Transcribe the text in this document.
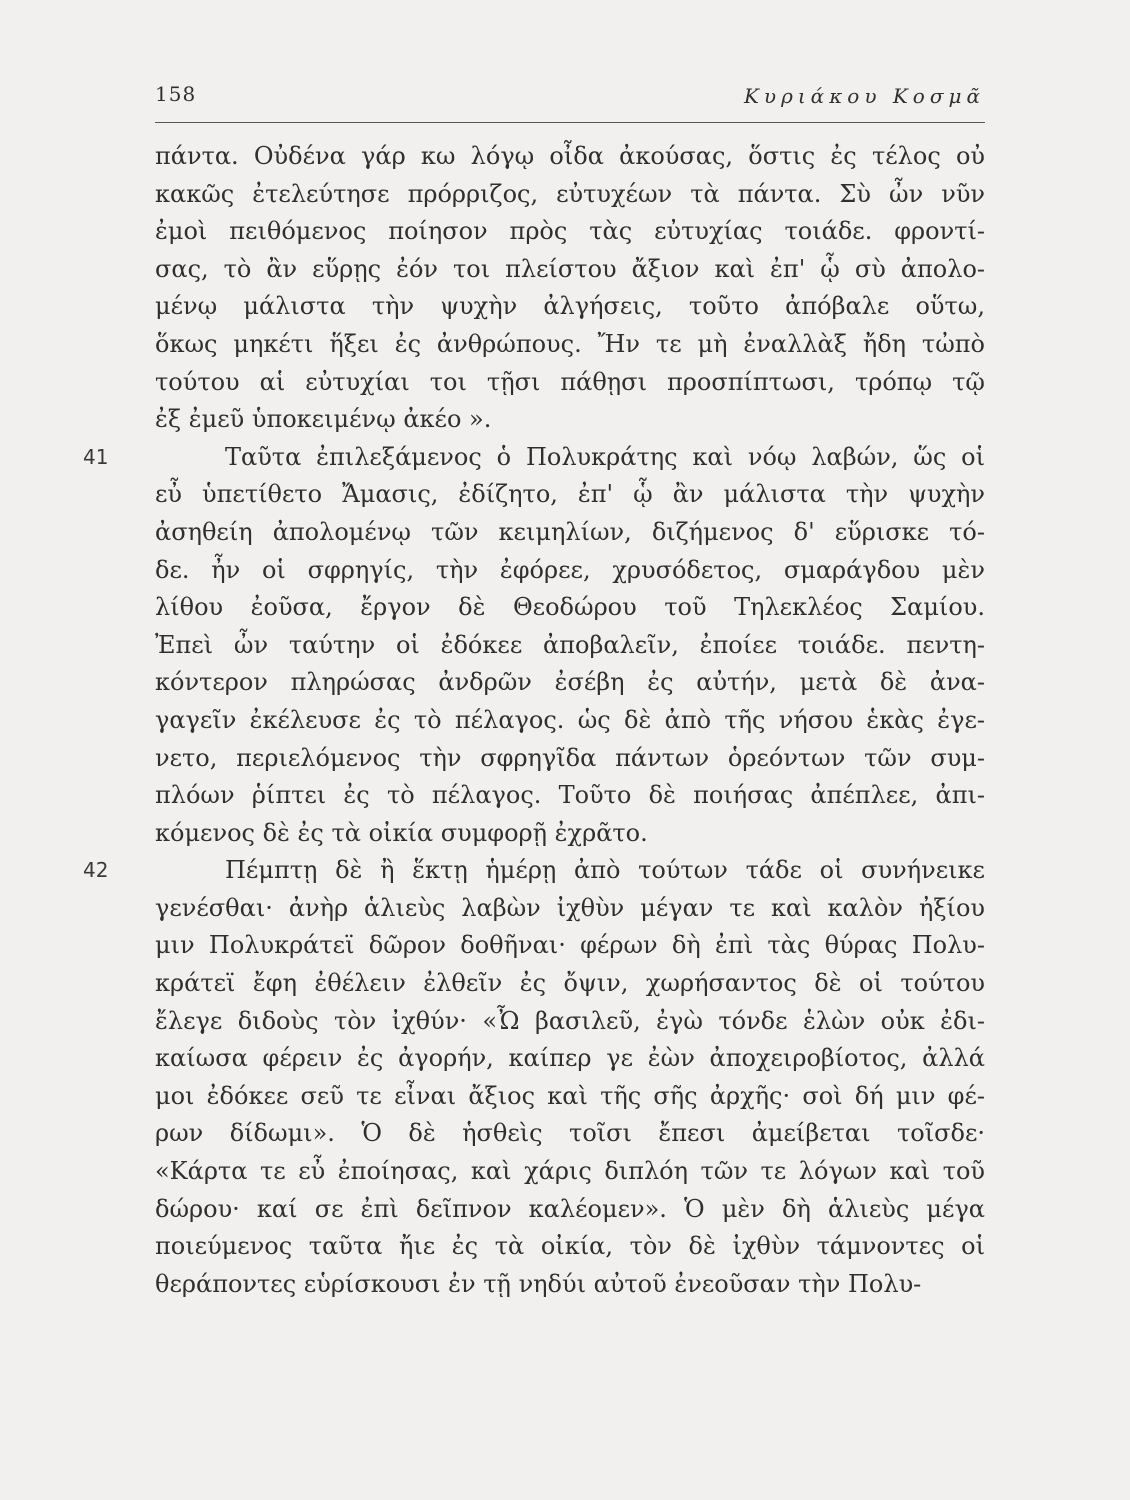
158	Κυριάκου Κοσμᾶ
πάντα. Οὐδένα γάρ κω λόγῳ οἶδα ἀκούσας, ὅστις ἐς τέλος οὐ
κακῶς ἐτελεύτησε πρόρριζος, εὐτυχέων τὰ πάντα. Σὺ ὦν νῦν
ἐμοὶ πειθόμενος ποίησον πρὸς τὰς εὐτυχίας τοιάδε. φροντί-
σας, τὸ ἂν εὕρῃς ἐόν τοι πλείστου ἄξιον καὶ ἐπ' ᾧ σὺ ἀπολο-
μένῳ μάλιστα τὴν ψυχὴν ἀλγήσεις, τοῦτο ἀπόβαλε οὕτω,
ὅκως μηκέτι ἥξει ἐς ἀνθρώπους. Ἤν τε μὴ ἐναλλὰξ ἤδη τὠπὸ
τούτου αἱ εὐτυχίαι τοι τῇσι πάθῃσι προσπίπτωσι, τρόπῳ τῷ
ἐξ ἐμεῦ ὑποκειμένῳ ἀκέο ».
41	Ταῦτα ἐπιλεξάμενος ὁ Πολυκράτης καὶ νόῳ λαβών, ὥς οἱ
εὖ ὑπετίθετο Ἄμασις, ἐδίζητο, ἐπ' ᾧ ἂν μάλιστα τὴν ψυχὴν
ἀσηθείη ἀπολομένῳ τῶν κειμηλίων, διζήμενος δ' εὕρισκε τό-
δε. ἦν οἱ σφρηγίς, τὴν ἐφόρεε, χρυσόδετος, σμαράγδου μὲν
λίθου ἐοῦσα, ἔργον δὲ Θεοδώρου τοῦ Τηλεκλέος Σαμίου.
Ἐπεὶ ὦν ταύτην οἱ ἐδόκεε ἀποβαλεῖν, ἐποίεε τοιάδε. πεντη-
κόντερον πληρώσας ἀνδρῶν ἐσέβη ἐς αὐτήν, μετὰ δὲ ἀνα-
γαγεῖν ἐκέλευσε ἐς τὸ πέλαγος. ὡς δὲ ἀπὸ τῆς νήσου ἑκὰς ἐγε-
νετο, περιελόμενος τὴν σφρηγῖδα πάντων ὁρεόντων τῶν συμ-
πλόων ῥίπτει ἐς τὸ πέλαγος. Τοῦτο δὲ ποιήσας ἀπέπλεε, ἀπι-
κόμενος δὲ ἐς τὰ οἰκία συμφορῇ ἐχρᾶτο.
42	Πέμπτῃ δὲ ἢ ἕκτῃ ἡμέρῃ ἀπὸ τούτων τάδε οἱ συνήνεικε
γενέσθαι· ἀνὴρ ἁλιεὺς λαβὼν ἰχθὺν μέγαν τε καὶ καλὸν ἠξίου
μιν Πολυκράτεϊ δῶρον δοθῆναι· φέρων δὴ ἐπὶ τὰς θύρας Πολυ-
κράτεϊ ἔφη ἐθέλειν ἐλθεῖν ἐς ὄψιν, χωρήσαντος δὲ οἱ τούτου
ἔλεγε διδοὺς τὸν ἰχθύν· «Ὦ βασιλεῦ, ἐγὼ τόνδε ἑλὼν οὐκ ἐδι-
καίωσα φέρειν ἐς ἀγορήν, καίπερ γε ἐὼν ἀποχειροβίοτος, ἀλλά
μοι ἐδόκεε σεῦ τε εἶναι ἄξιος καὶ τῆς σῆς ἀρχῆς· σοὶ δή μιν φέ-
ρων δίδωμι». Ὁ δὲ ἡσθεὶς τοῖσι ἔπεσι ἀμείβεται τοῖσδε·
«Κάρτα τε εὖ ἐποίησας, καὶ χάρις διπλόη τῶν τε λόγων καὶ τοῦ
δώρου· καί σε ἐπὶ δεῖπνον καλέομεν». Ὁ μὲν δὴ ἁλιεὺς μέγα
ποιεύμενος ταῦτα ἤιε ἐς τὰ οἰκία, τὸν δὲ ἰχθὺν τάμνοντες οἱ
θεράποντες εὑρίσκουσι ἐν τῇ νηδύι αὐτοῦ ἐνεοῦσαν τὴν Πολυ-
